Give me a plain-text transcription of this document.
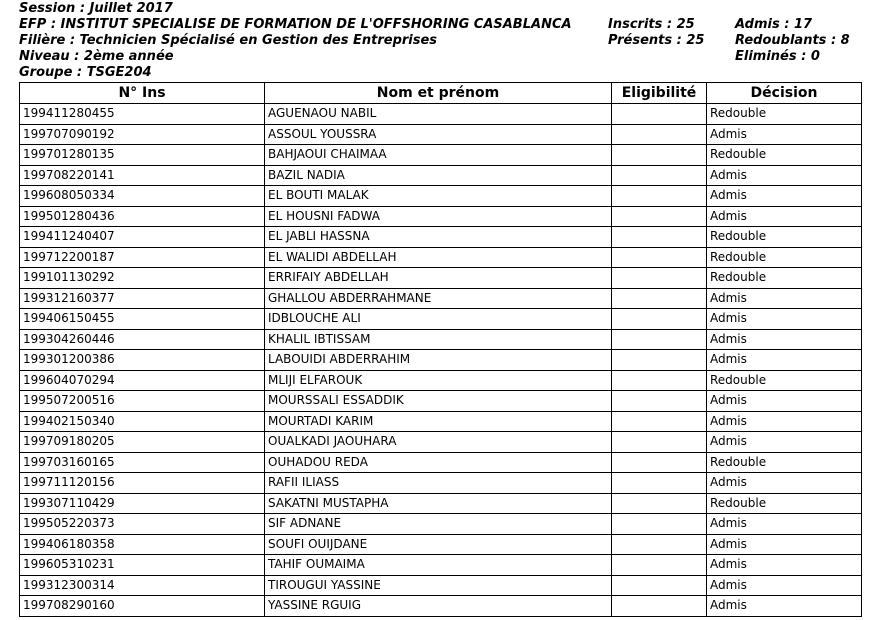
Session : Juillet 2017
EFP : INSTITUT SPECIALISE DE FORMATION DE L'OFFSHORING CASABLANCA
Filière : Technicien Spécialisé en Gestion des Entreprises
Niveau : 2ème année
Groupe : TSGE204
Inscrits : 25
Présents : 25
Admis : 17
Redoublants : 8
Eliminés : 0
N° Ins	Nom et prénom	Eligibilité	Décision
199411280455	AGUENAOU NABIL		Redouble
199707090192	ASSOUL YOUSSRA		Admis
199701280135	BAHJAOUI CHAIMAA		Redouble
199708220141	BAZIL NADIA		Admis
199608050334	EL BOUTI MALAK		Admis
199501280436	EL HOUSNI FADWA		Admis
199411240407	EL JABLI HASSNA		Redouble
199712200187	EL WALIDI ABDELLAH		Redouble
199101130292	ERRIFAIY ABDELLAH		Redouble
199312160377	GHALLOU ABDERRAHMANE		Admis
199406150455	IDBLOUCHE ALI		Admis
199304260446	KHALIL IBTISSAM		Admis
199301200386	LABOUIDI ABDERRAHIM		Admis
199604070294	MLIJI ELFAROUK		Redouble
199507200516	MOURSSALI ESSADDIK		Admis
199402150340	MOURTADI KARIM		Admis
199709180205	OUALKADI JAOUHARA		Admis
199703160165	OUHADOU REDA		Redouble
199711120156	RAFII ILIASS		Admis
199307110429	SAKATNI MUSTAPHA		Redouble
199505220373	SIF ADNANE		Admis
199406180358	SOUFI OUIJDANE		Admis
199605310231	TAHIF OUMAIMA		Admis
199312300314	TIROUGUI YASSINE		Admis
199708290160	YASSINE RGUIG		Admis
